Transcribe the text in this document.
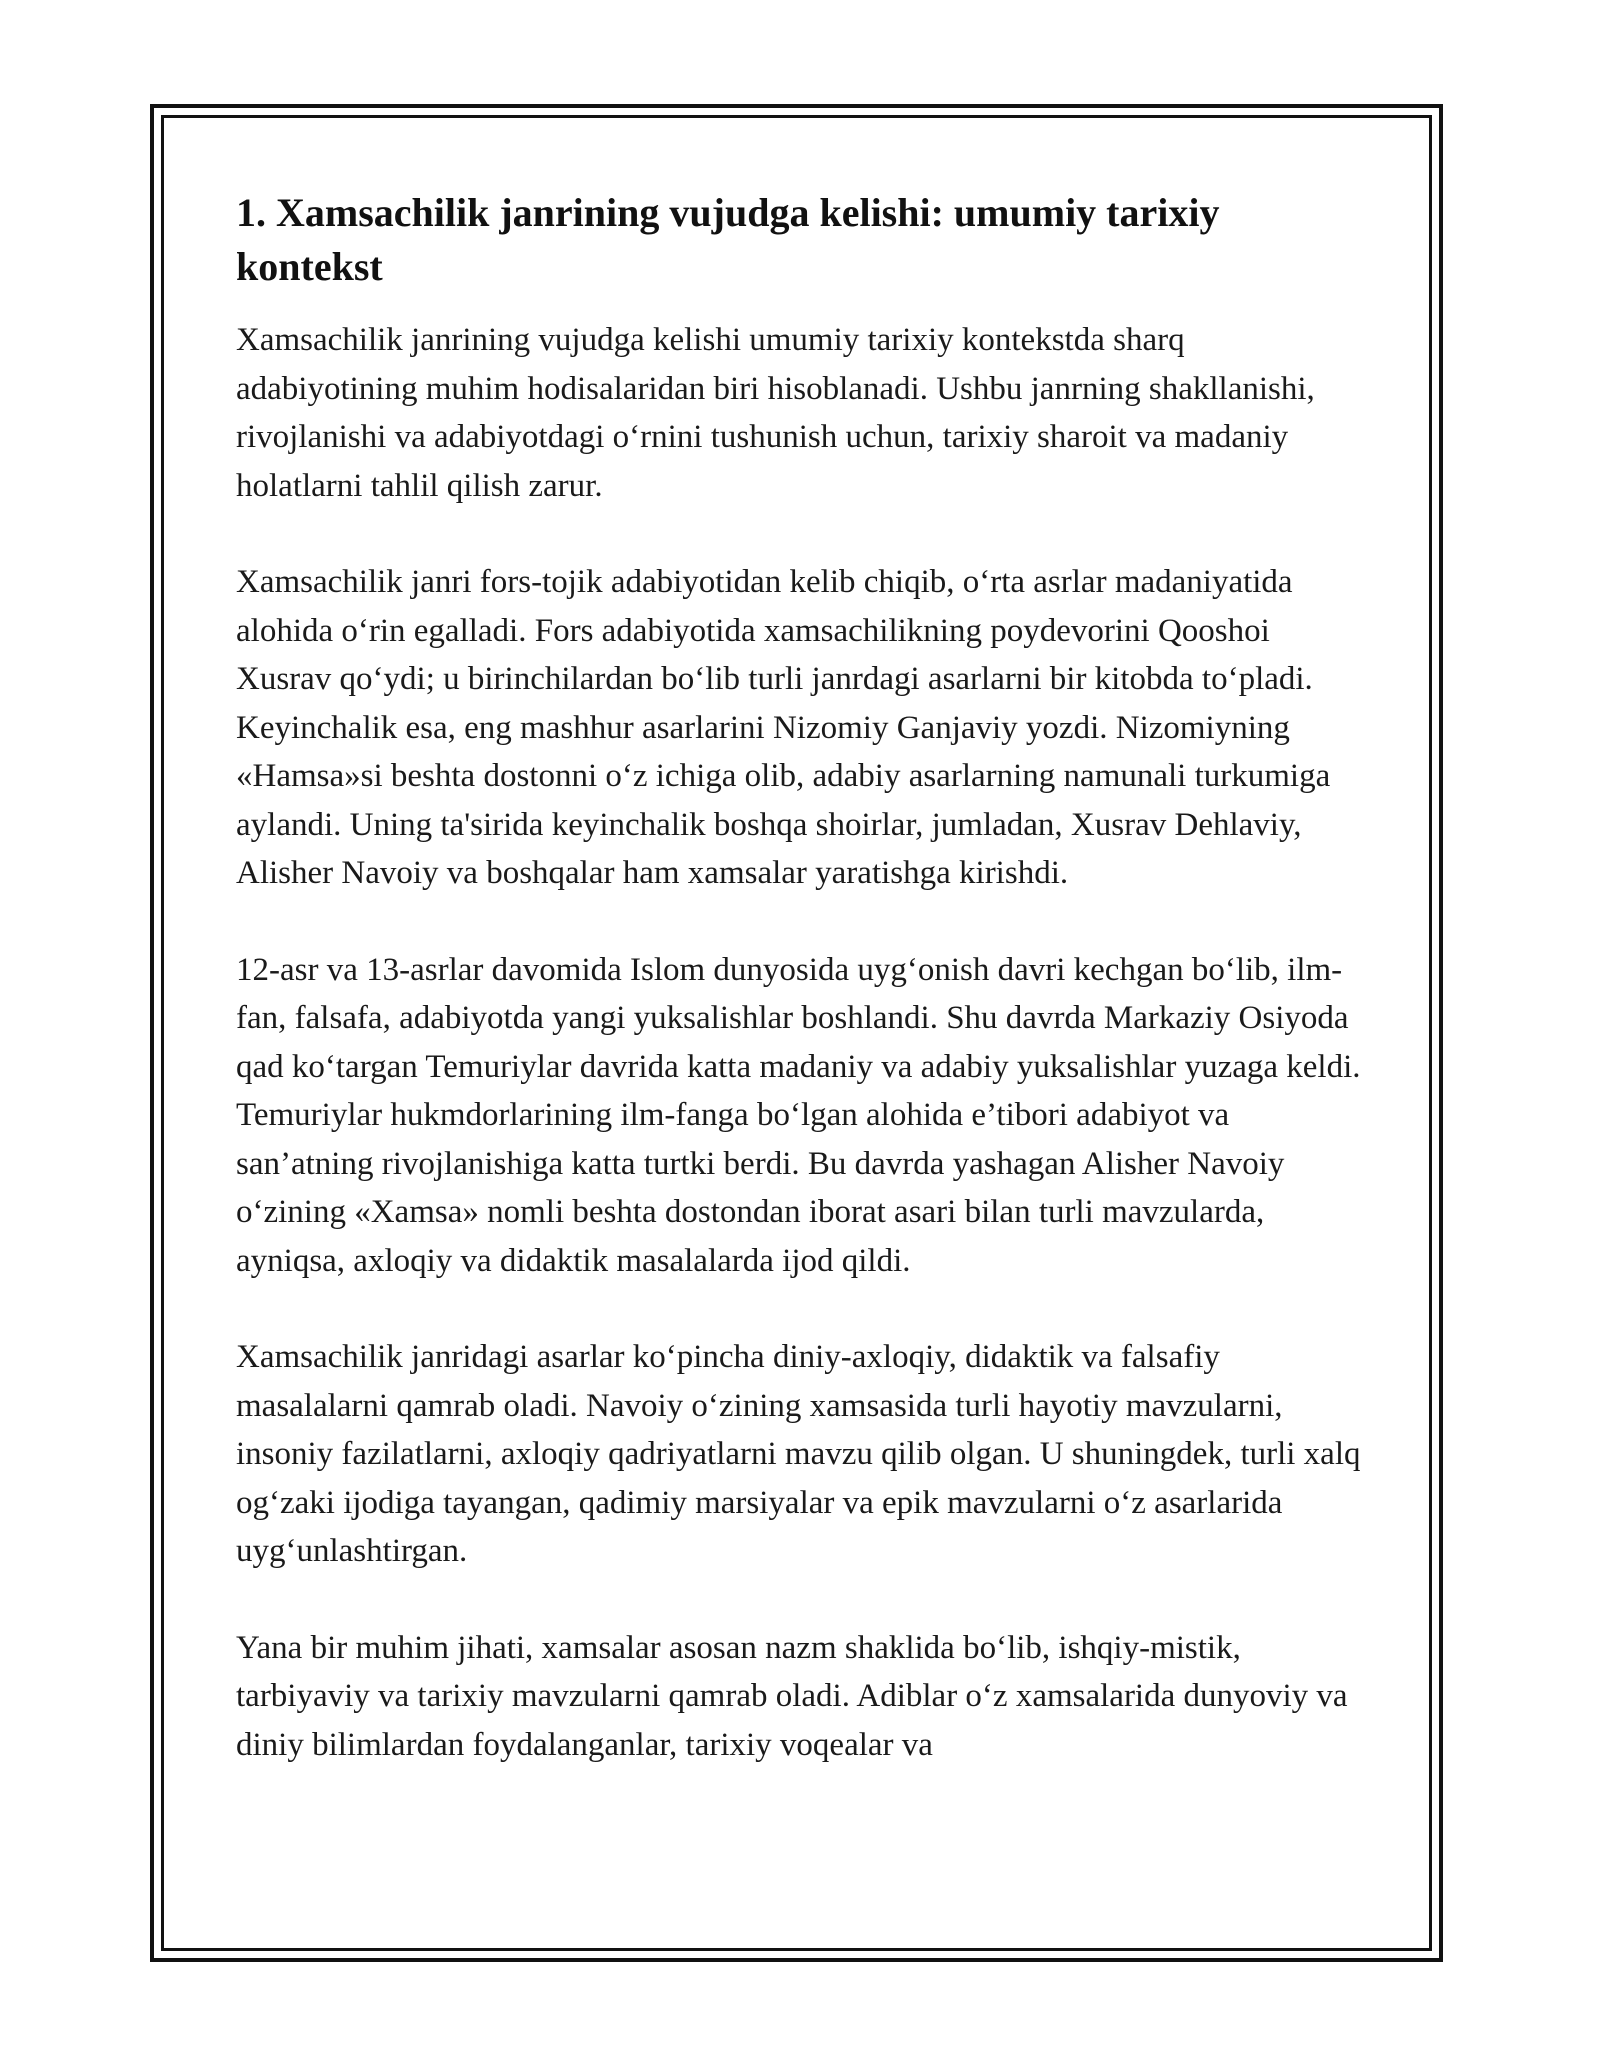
1. Xamsachilik janrining vujudga kelishi: umumiy tarixiy kontekst

Xamsachilik janrining vujudga kelishi umumiy tarixiy kontekstda sharq adabiyotining muhim hodisalaridan biri hisoblanadi. Ushbu janrning shakllanishi, rivojlanishi va adabiyotdagi o‘rnini tushunish uchun, tarixiy sharoit va madaniy holatlarni tahlil qilish zarur.

Xamsachilik janri fors-tojik adabiyotidan kelib chiqib, o‘rta asrlar madaniyatida alohida o‘rin egalladi. Fors adabiyotida xamsachilikning poydevorini Qooshoi Xusrav qo‘ydi; u birinchilardan bo‘lib turli janrdagi asarlarni bir kitobda to‘pladi. Keyinchalik esa, eng mashhur asarlarini Nizomiy Ganjaviy yozdi. Nizomiyning «Hamsa»si beshta dostonni o‘z ichiga olib, adabiy asarlarning namunali turkumiga aylandi. Uning ta'sirida keyinchalik boshqa shoirlar, jumladan, Xusrav Dehlaviy, Alisher Navoiy va boshqalar ham xamsalar yaratishga kirishdi.

12-asr va 13-asrlar davomida Islom dunyosida uyg‘onish davri kechgan bo‘lib, ilm-fan, falsafa, adabiyotda yangi yuksalishlar boshlandi. Shu davrda Markaziy Osiyoda qad ko‘targan Temuriylar davrida katta madaniy va adabiy yuksalishlar yuzaga keldi. Temuriylar hukmdorlarining ilm-fanga bo‘lgan alohida e’tibori adabiyot va san’atning rivojlanishiga katta turtki berdi. Bu davrda yashagan Alisher Navoiy o‘zining «Xamsa» nomli beshta dostondan iborat asari bilan turli mavzularda, ayniqsa, axloqiy va didaktik masalalarda ijod qildi.

Xamsachilik janridagi asarlar ko‘pincha diniy-axloqiy, didaktik va falsafiy masalalarni qamrab oladi. Navoiy o‘zining xamsasida turli hayotiy mavzularni, insoniy fazilatlarni, axloqiy qadriyatlarni mavzu qilib olgan. U shuningdek, turli xalq og‘zaki ijodiga tayangan, qadimiy marsiyalar va epik mavzularni o‘z asarlarida uyg‘unlashtirgan.

Yana bir muhim jihati, xamsalar asosan nazm shaklida bo‘lib, ishqiy-mistik, tarbiyaviy va tarixiy mavzularni qamrab oladi. Adiblar o‘z xamsalarida dunyoviy va diniy bilimlardan foydalanganlar, tarixiy voqealar va
